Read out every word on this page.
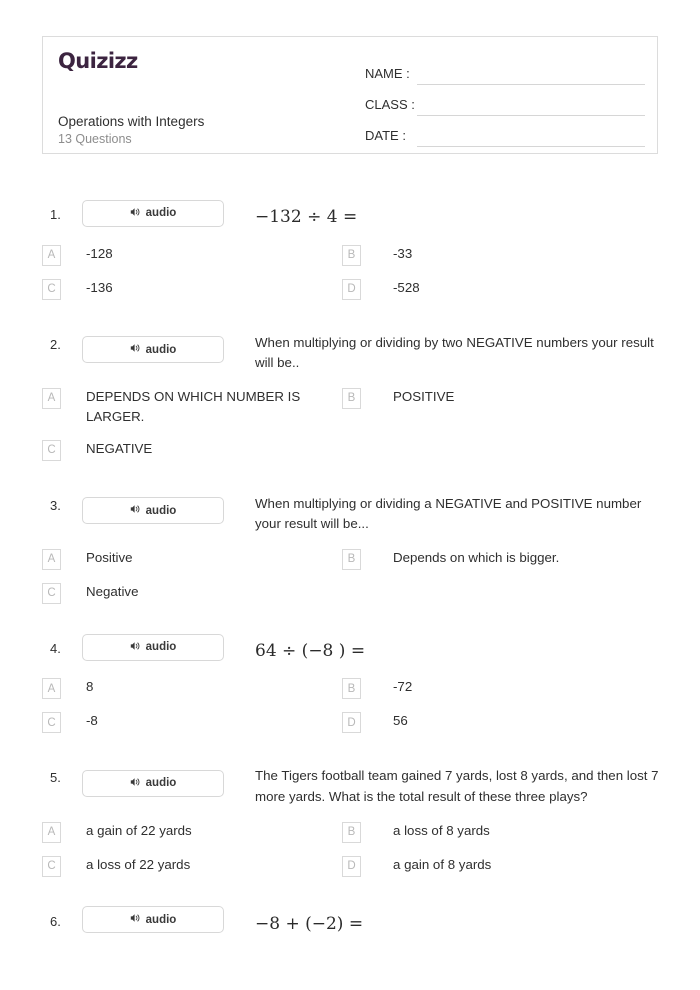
Quizizz
Operations with Integers
13 Questions
NAME :
CLASS :
DATE :
1.	audio	−132 ÷ 4 =
A	-128	B	-33
C	-136	D	-528
2.	audio
When multiplying or dividing by two NEGATIVE numbers your result will be..
A	DEPENDS ON WHICH NUMBER IS LARGER.
B	POSITIVE
C	NEGATIVE
3.	audio
When multiplying or dividing a NEGATIVE and POSITIVE number your result will be...
A	Positive	B	Depends on which is bigger.
C	Negative
4.	audio	64 ÷ (−8 ) =
A	8	B	-72
C	-8	D	56
5.	audio
The Tigers football team gained 7 yards, lost 8 yards, and then lost 7 more yards. What is the total result of these three plays?
A	a gain of 22 yards	B	a loss of 8 yards
C	a loss of 22 yards	D	a gain of 8 yards
6.	audio	−8 + (−2) =
